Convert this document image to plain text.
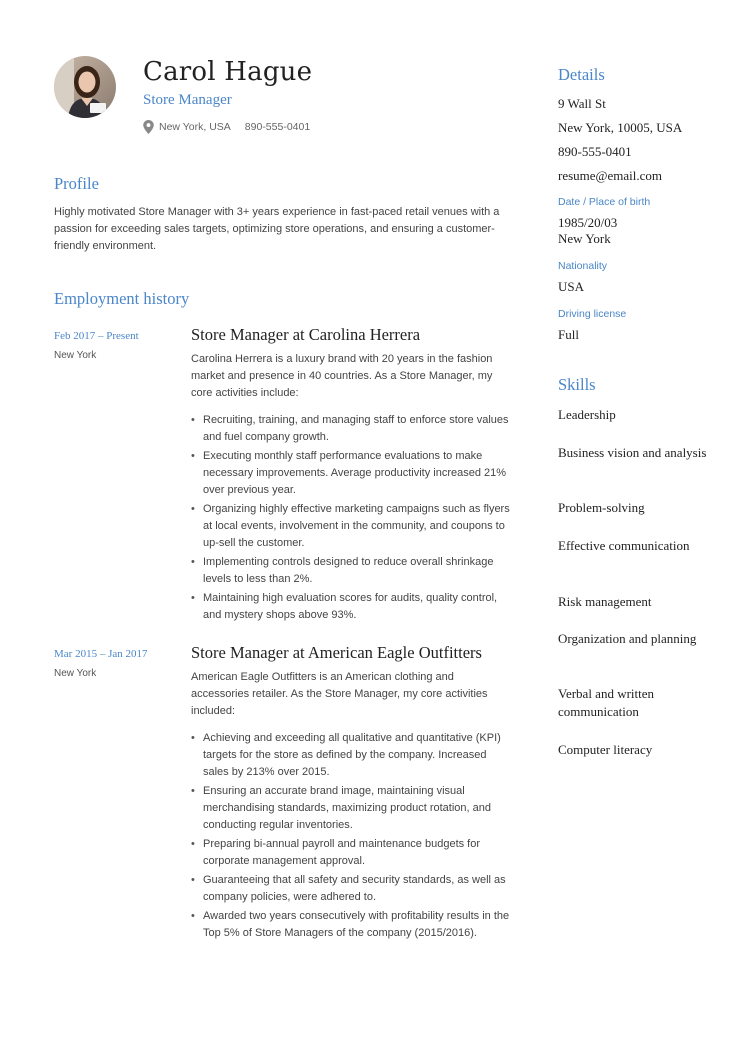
Carol Hague
Store Manager
New York, USA 890-555-0401
Profile
Highly motivated Store Manager with 3+ years experience in fast-paced retail venues with a passion for exceeding sales targets, optimizing store operations, and ensuring a customer-friendly environment.
Employment history
Feb 2017 – Present
New York
Store Manager at Carolina Herrera
Carolina Herrera is a luxury brand with 20 years in the fashion market and presence in 40 countries. As a Store Manager, my core activities include:
• Recruiting, training, and managing staff to enforce store values and fuel company growth.
• Executing monthly staff performance evaluations to make necessary improvements. Average productivity increased 21% over previous year.
• Organizing highly effective marketing campaigns such as flyers at local events, involvement in the community, and coupons to up-sell the customer.
• Implementing controls designed to reduce overall shrinkage levels to less than 2%.
• Maintaining high evaluation scores for audits, quality control, and mystery shops above 93%.
Mar 2015 – Jan 2017
New York
Store Manager at American Eagle Outfitters
American Eagle Outfitters is an American clothing and accessories retailer. As the Store Manager, my core activities included:
• Achieving and exceeding all qualitative and quantitative (KPI) targets for the store as defined by the company. Increased sales by 213% over 2015.
• Ensuring an accurate brand image, maintaining visual merchandising standards, maximizing product rotation, and conducting regular inventories.
• Preparing bi-annual payroll and maintenance budgets for corporate management approval.
• Guaranteeing that all safety and security standards, as well as company policies, were adhered to.
• Awarded two years consecutively with profitability results in the Top 5% of Store Managers of the company (2015/2016).
Details
9 Wall St
New York, 10005, USA
890-555-0401
resume@email.com
Date / Place of birth
1985/20/03
New York
Nationality
USA
Driving license
Full
Skills
Leadership
Business vision and analysis
Problem-solving
Effective communication
Risk management
Organization and planning
Verbal and written communication
Computer literacy
